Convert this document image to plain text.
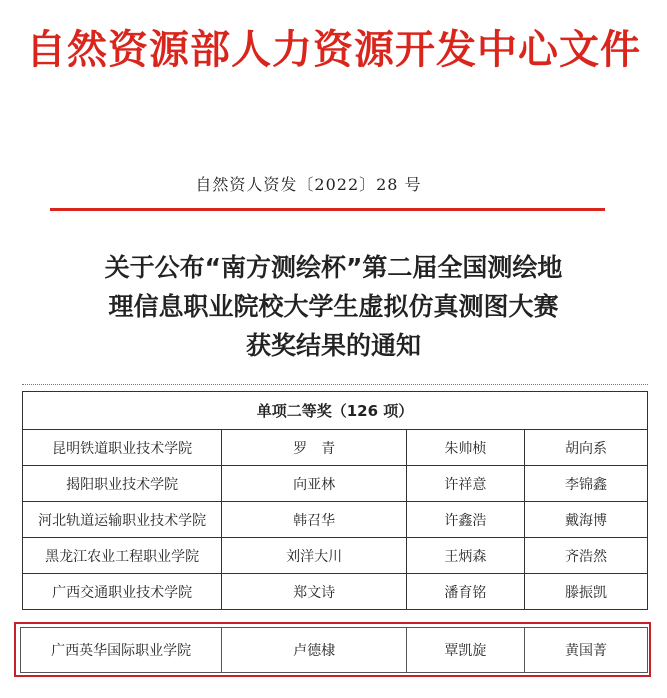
自然资源部人力资源开发中心文件
自然资人资发〔2022〕28 号
关于公布“南方测绘杯”第二届全国测绘地
理信息职业院校大学生虚拟仿真测图大赛
获奖结果的通知
单项二等奖（126 项）			
昆明铁道职业技术学院	罗　青	朱帅桢	胡向系
揭阳职业技术学院	向亚林	许祥意	李锦鑫
河北轨道运输职业技术学院	韩召华	许鑫浩	戴海博
黑龙江农业工程职业学院	刘洋大川	王炳森	齐浩然
广西交通职业技术学院	郑文诗	潘育铭	滕振凯
广西英华国际职业学院	卢德棣	覃凯旋	黄国菁
